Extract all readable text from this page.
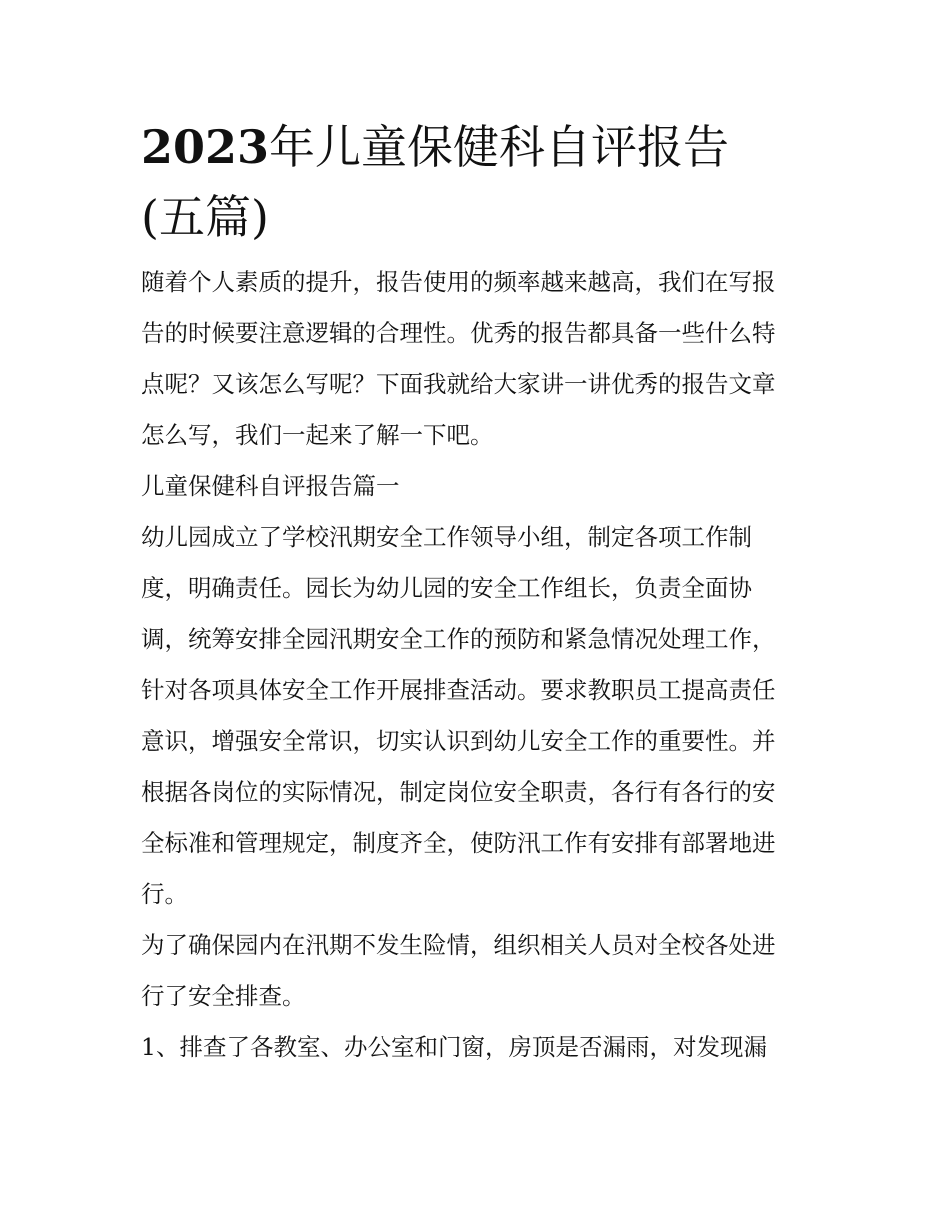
2023年儿童保健科自评报告
(五篇)
随着个人素质的提升，报告使用的频率越来越高，我们在写报
告的时候要注意逻辑的合理性。优秀的报告都具备一些什么特
点呢？又该怎么写呢？下面我就给大家讲一讲优秀的报告文章
怎么写，我们一起来了解一下吧。
儿童保健科自评报告篇一
幼儿园成立了学校汛期安全工作领导小组，制定各项工作制
度，明确责任。园长为幼儿园的安全工作组长，负责全面协
调，统筹安排全园汛期安全工作的预防和紧急情况处理工作，
针对各项具体安全工作开展排查活动。要求教职员工提高责任
意识，增强安全常识，切实认识到幼儿安全工作的重要性。并
根据各岗位的实际情况，制定岗位安全职责，各行有各行的安
全标准和管理规定，制度齐全，使防汛工作有安排有部署地进
行。
为了确保园内在汛期不发生险情，组织相关人员对全校各处进
行了安全排查。
1、排查了各教室、办公室和门窗，房顶是否漏雨，对发现漏
